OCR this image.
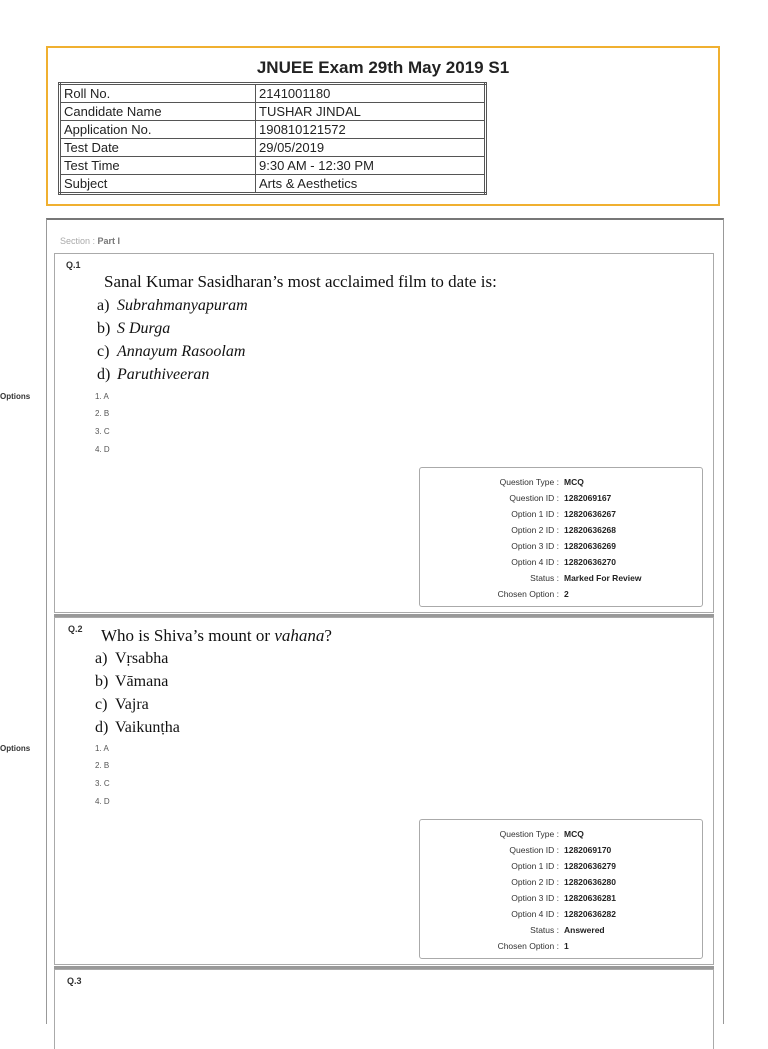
JNUEE Exam 29th May 2019 S1
Roll No.	2141001180
Candidate Name	TUSHAR JINDAL
Application No.	190810121572
Test Date	29/05/2019
Test Time	9:30 AM - 12:30 PM
Subject	Arts & Aesthetics
Section : Part I
Q.1
Sanal Kumar Sasidharan’s most acclaimed film to date is:
a) Subrahmanyapuram
b) S Durga
c) Annayum Rasoolam
d) Paruthiveeran
Options	1. A
2. B
3. C
4. D
Question Type : MCQ
Question ID : 1282069167
Option 1 ID : 12820636267
Option 2 ID : 12820636268
Option 3 ID : 12820636269
Option 4 ID : 12820636270
Status : Marked For Review
Chosen Option : 2
Q.2 Who is Shiva’s mount or vahana?
a) Vṛsabha
b) Vāmana
c) Vajra
d) Vaikunṭha
Options	1. A
2. B
3. C
4. D
Question Type : MCQ
Question ID : 1282069170
Option 1 ID : 12820636279
Option 2 ID : 12820636280
Option 3 ID : 12820636281
Option 4 ID : 12820636282
Status : Answered
Chosen Option : 1
Q.3
